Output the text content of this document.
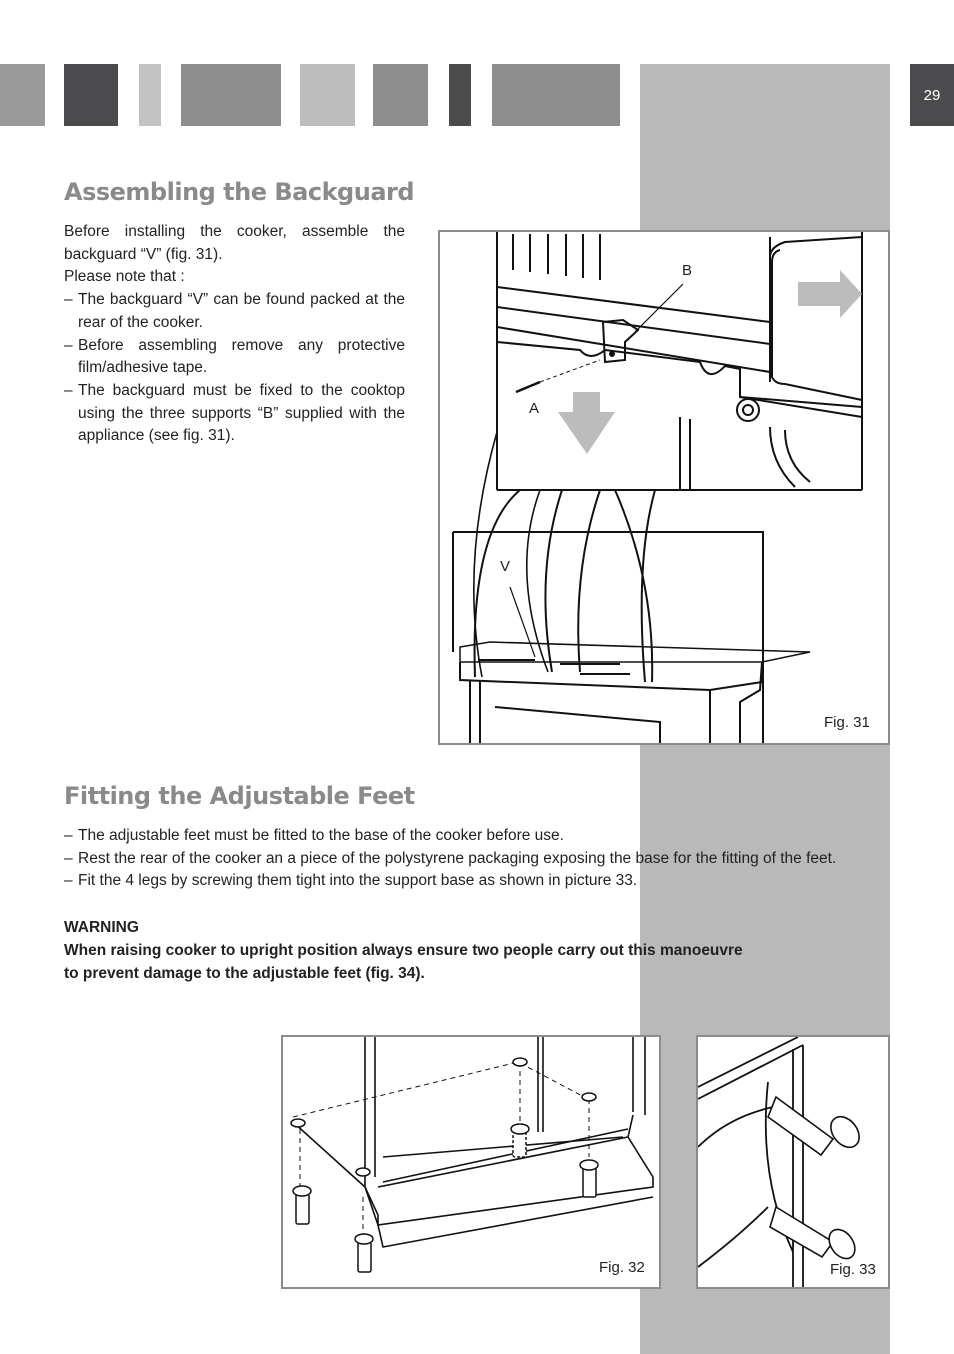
29
Assembling the Backguard
Before installing the cooker, assemble the backguard “V” (fig. 31).
Please note that :
– The backguard “V” can be found packed at the rear of the cooker.
– Before assembling remove any protective film/adhesive tape.
– The backguard must be fixed to the cooktop using the three supports “B” supplied with the appliance (see fig. 31).
B
A
V
Fig. 31
Fitting the Adjustable Feet
– The adjustable feet must be fitted to the base of the cooker before use.
– Rest the rear of the cooker an a piece of the polystyrene packaging exposing the base for the fitting of the feet.
– Fit the 4 legs by screwing them tight into the support base as shown in picture 33.
WARNING
When raising cooker to upright position always ensure two people carry out this manoeuvre
to prevent damage to the adjustable feet (fig. 34).
Fig. 32	Fig. 33
